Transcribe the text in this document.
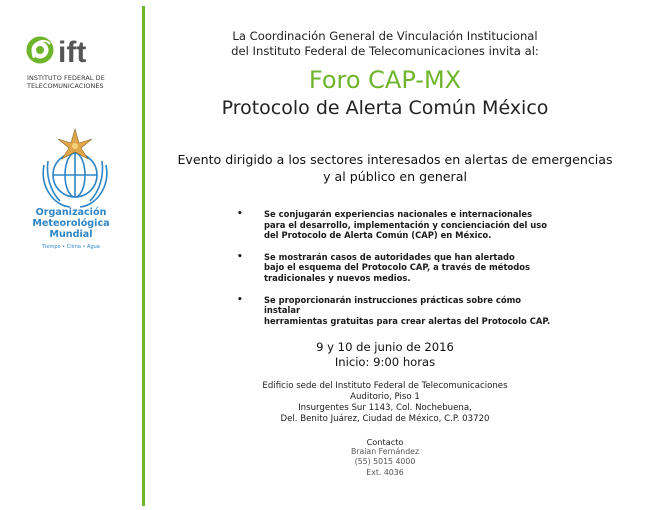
ift
INSTITUTO FEDERAL DE
TELECOMUNICACIONES
Organización
Meteorológica
Mundial
Tiempo • Clima • Agua
La Coordinación General de Vinculación Institucional
del Instituto Federal de Telecomunicaciones invita al:
Foro CAP-MX
Protocolo de Alerta Común México
Evento dirigido a los sectores interesados en alertas de emergencias
y al público en general
• Se conjugarán experiencias nacionales e internacionales
para el desarrollo, implementación y concienciación del uso
del Protocolo de Alerta Común (CAP) en México.
• Se mostrarán casos de autoridades que han alertado
bajo el esquema del Protocolo CAP, a través de métodos
tradicionales y nuevos medios.
• Se proporcionarán instrucciones prácticas sobre cómo instalar
herramientas gratuitas para crear alertas del Protocolo CAP.
9 y 10 de junio de 2016
Inicio: 9:00 horas
Edificio sede del Instituto Federal de Telecomunicaciones
Auditorio, Piso 1
Insurgentes Sur 1143, Col. Nochebuena,
Del. Benito Juárez, Ciudad de México, C.P. 03720
Contacto
Braian Fernández
(55) 5015 4000
Ext. 4036
